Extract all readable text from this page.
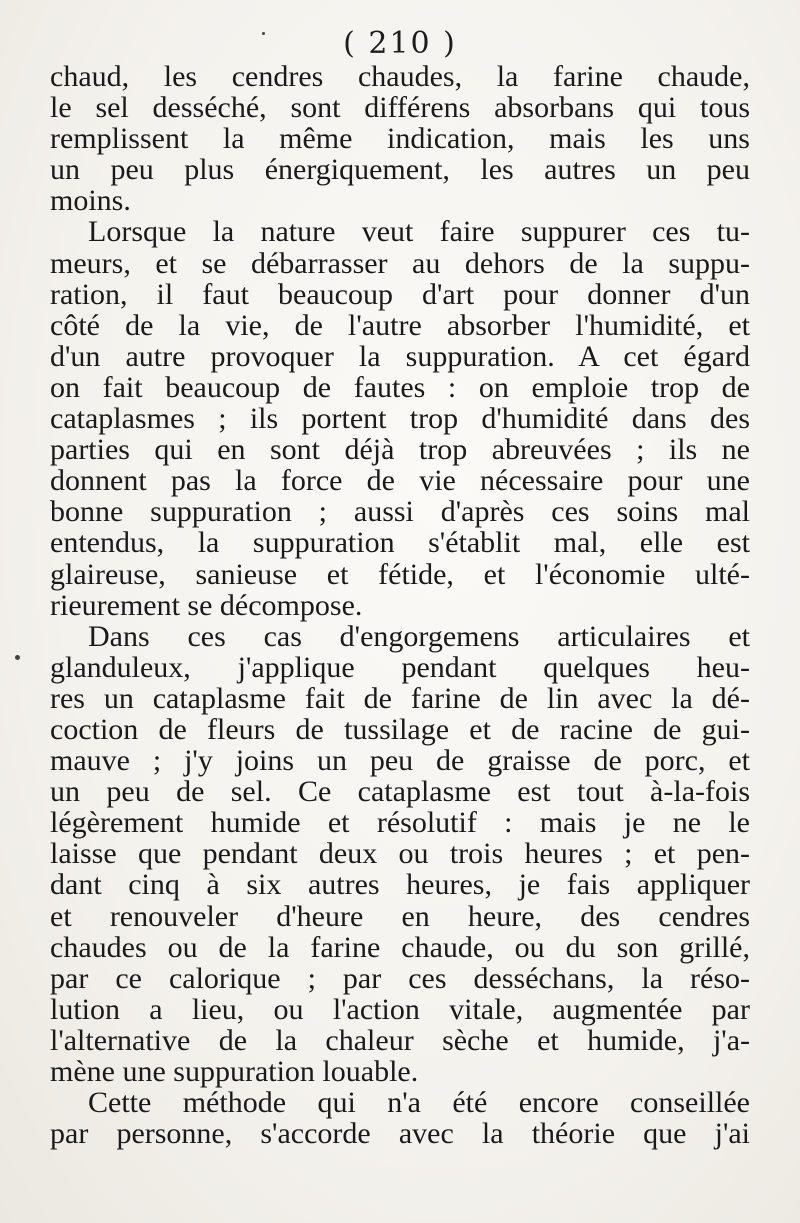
( 210 )
chaud, les cendres chaudes, la farine chaude,
le sel desséché, sont différens absorbans qui tous
remplissent la même indication, mais les uns
un peu plus énergiquement, les autres un peu
moins.
Lorsque la nature veut faire suppurer ces tu-
meurs, et se débarrasser au dehors de la suppu-
ration, il faut beaucoup d'art pour donner d'un
côté de la vie, de l'autre absorber l'humidité, et
d'un autre provoquer la suppuration. A cet égard
on fait beaucoup de fautes : on emploie trop de
cataplasmes ; ils portent trop d'humidité dans des
parties qui en sont déjà trop abreuvées ; ils ne
donnent pas la force de vie nécessaire pour une
bonne suppuration ; aussi d'après ces soins mal
entendus, la suppuration s'établit mal, elle est
glaireuse, sanieuse et fétide, et l'économie ulté-
rieurement se décompose.
Dans ces cas d'engorgemens articulaires et
glanduleux, j'applique pendant quelques heu-
res un cataplasme fait de farine de lin avec la dé-
coction de fleurs de tussilage et de racine de gui-
mauve ; j'y joins un peu de graisse de porc, et
un peu de sel. Ce cataplasme est tout à-la-fois
légèrement humide et résolutif : mais je ne le
laisse que pendant deux ou trois heures ; et pen-
dant cinq à six autres heures, je fais appliquer
et renouveler d'heure en heure, des cendres
chaudes ou de la farine chaude, ou du son grillé,
par ce calorique ; par ces desséchans, la réso-
lution a lieu, ou l'action vitale, augmentée par
l'alternative de la chaleur sèche et humide, j'a-
mène une suppuration louable.
Cette méthode qui n'a été encore conseillée
par personne, s'accorde avec la théorie que j'ai
